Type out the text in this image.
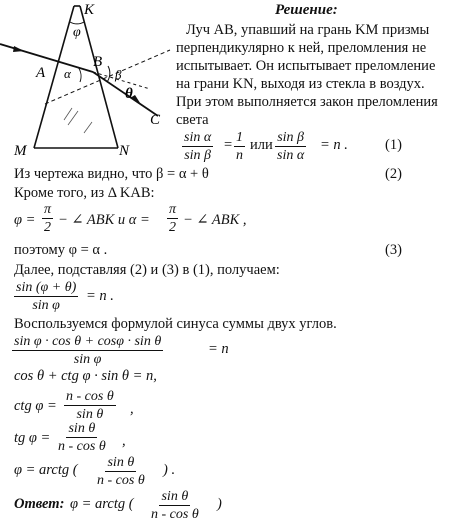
K
φ
A α
B
β
θ
C
M	N
Решение:
Луч AB, упавший на грань KM призмы
перпендикулярно к ней, преломления не
испытывает. Он испытывает преломление
на грани KN, выходя из стекла в воздух.
При этом выполняется закон преломления
света
$\frac{\text{sin α}}{\text{sin β}} = \frac{1}{n}$ или $\frac{\text{sin β}}{\text{sin α}} = n$ .	(1)
Из чертежа видно, что β = α + θ	(2)
Кроме того, из Δ KAB:
$\varphi = \frac{\pi}{2}$ − ∠ ABK и $\alpha = \frac{\pi}{2}$ − ∠ ABK ,
поэтому φ = α .	(3)
Далее, подставляя (2) и (3) в (1), получаем:
$\frac{\sin (\varphi + \theta)}{\text{sin φ}} = n$ .
Воспользуемся формулой синуса суммы двух углов.
$\frac{\text{sin φ · cos θ + cosφ · sin θ}}{\text{sin φ}}$	= n
cos θ + ctg φ · sin θ = n,
ctg $\varphi = \frac{\text{n - cos θ}}{\text{sin θ}}$ ,
tg $\varphi = \frac{\text{sin θ}}{\text{n - cos θ}}$ ,
φ = arctg ( $\frac{\text{sin θ}}{\text{n - cos θ}}$ ) .
Ответ: φ = arctg ( $\frac{\text{sin θ}}{\text{n - cos θ}}$ )
